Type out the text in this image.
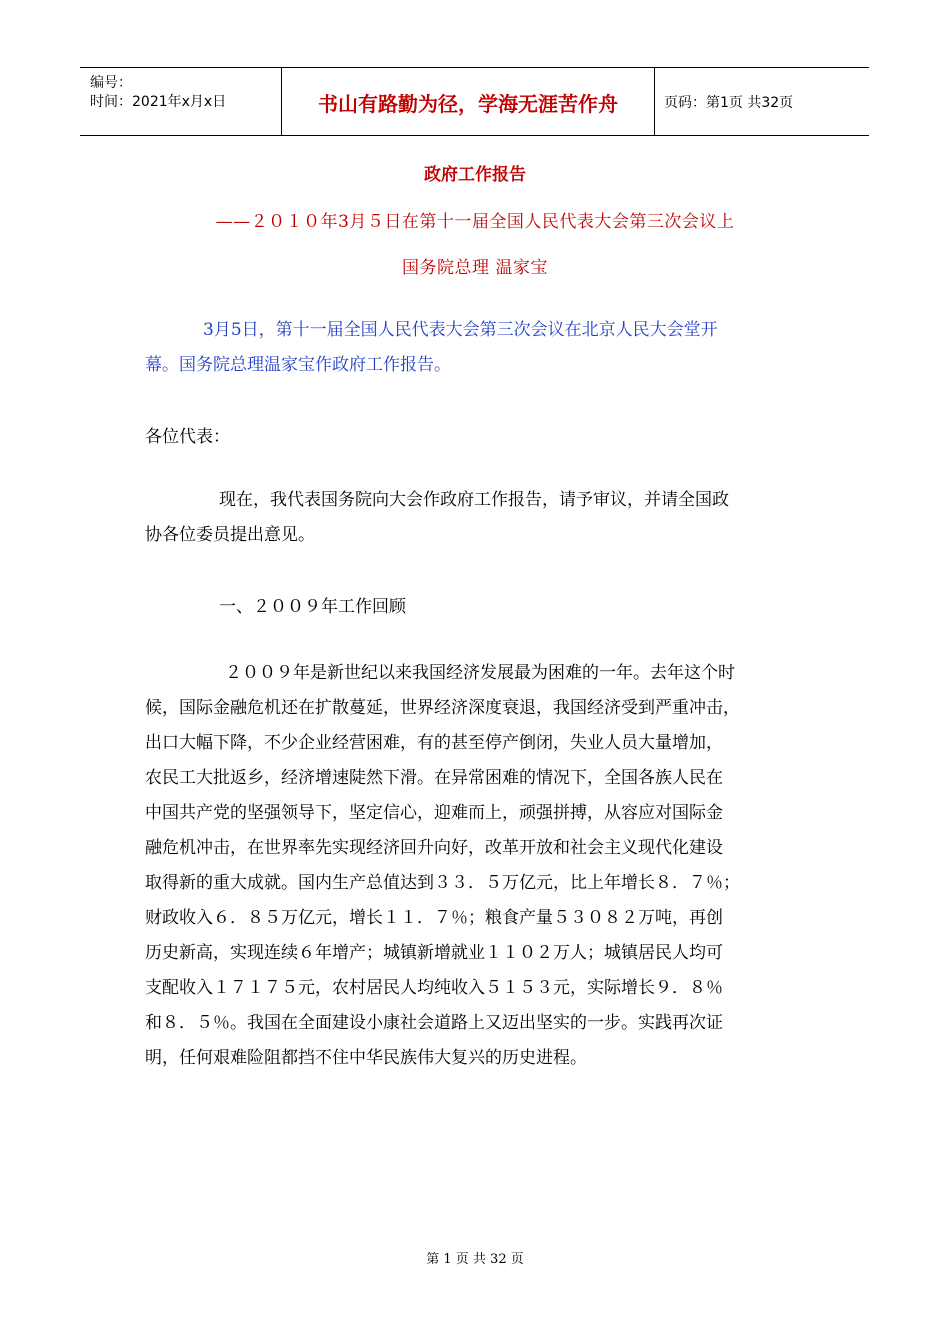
编号：
时间：2021年x月x日	书山有路勤为径，学海无涯苦作舟	页码：第1页 共32页
政府工作报告
——２０１０年3月５日在第十一届全国人民代表大会第三次会议上
国务院总理 温家宝
3月5日，第十一届全国人民代表大会第三次会议在北京人民大会堂开
幕。国务院总理温家宝作政府工作报告。
各位代表：
现在，我代表国务院向大会作政府工作报告，请予审议，并请全国政
协各位委员提出意见。
一、２００９年工作回顾
２００９年是新世纪以来我国经济发展最为困难的一年。去年这个时
候，国际金融危机还在扩散蔓延，世界经济深度衰退，我国经济受到严重冲击，
出口大幅下降，不少企业经营困难，有的甚至停产倒闭，失业人员大量增加，
农民工大批返乡，经济增速陡然下滑。在异常困难的情况下，全国各族人民在
中国共产党的坚强领导下，坚定信心，迎难而上，顽强拼搏，从容应对国际金
融危机冲击，在世界率先实现经济回升向好，改革开放和社会主义现代化建设
取得新的重大成就。国内生产总值达到３３．５万亿元，比上年增长８．７％；
财政收入６．８５万亿元，增长１１．７％；粮食产量５３０８２万吨，再创
历史新高，实现连续６年增产；城镇新增就业１１０２万人；城镇居民人均可
支配收入１７１７５元，农村居民人均纯收入５１５３元，实际增长９．８％
和８．５％。我国在全面建设小康社会道路上又迈出坚实的一步。实践再次证
明，任何艰难险阻都挡不住中华民族伟大复兴的历史进程。
第 1 页 共 32 页
